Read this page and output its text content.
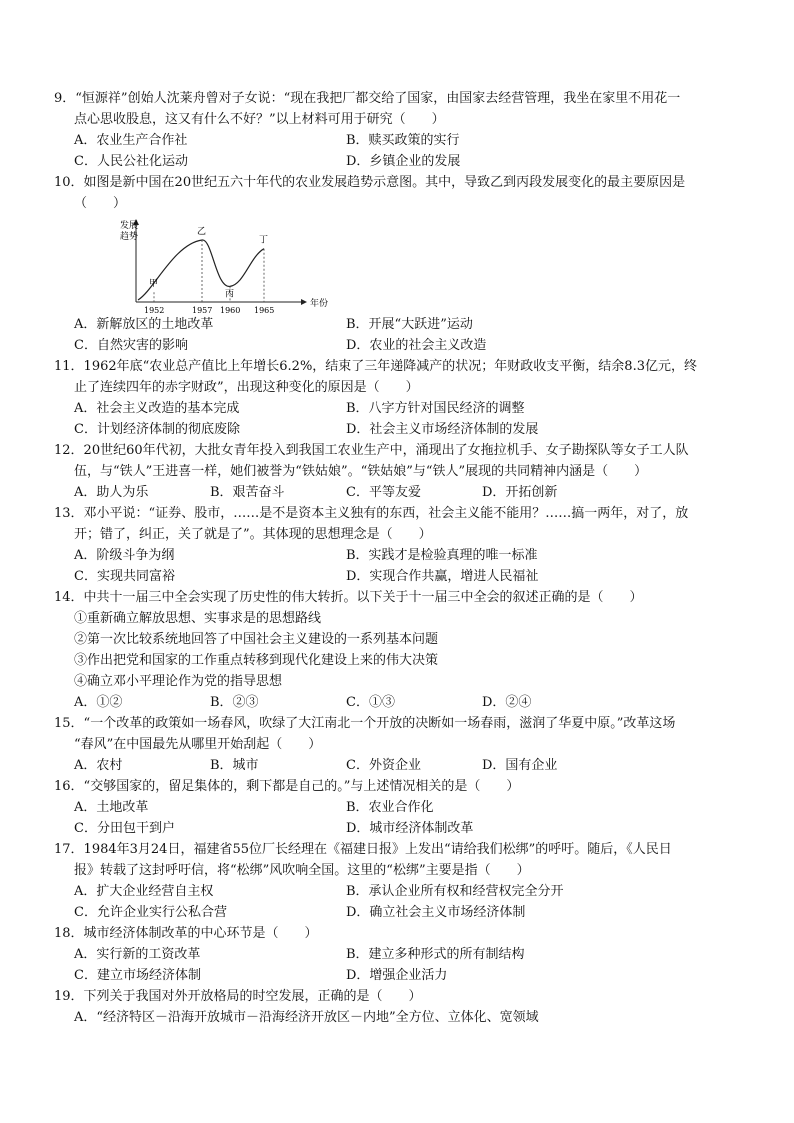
9．“恒源祥”创始人沈莱舟曾对子女说：“现在我把厂都交给了国家，由国家去经营管理，我坐在家里不用花一
点心思收股息，这又有什么不好？”以上材料可用于研究（　　）
A．农业生产合作社	B．赎买政策的实行
C．人民公社化运动	D．乡镇企业的发展
10．如图是新中国在20世纪五六十年代的农业发展趋势示意图。其中，导致乙到丙段发展变化的最主要原因是
（　　）
发展
趋势
年份
1952
甲
1957
乙
1960
丙
1965
丁
A．新解放区的土地改革	B．开展“大跃进”运动
C．自然灾害的影响	D．农业的社会主义改造
11．1962年底“农业总产值比上年增长6.2%，结束了三年递降减产的状况；年财政收支平衡，结余8.3亿元，终
止了连续四年的赤字财政”，出现这种变化的原因是（　　）
A．社会主义改造的基本完成	B．八字方针对国民经济的调整
C．计划经济体制的彻底废除	D．社会主义市场经济体制的发展
12．20世纪60年代初，大批女青年投入到我国工农业生产中，涌现出了女拖拉机手、女子勘探队等女子工人队
伍，与“铁人”王进喜一样，她们被誉为“铁姑娘”。“铁姑娘”与“铁人”展现的共同精神内涵是（　　）
A．助人为乐	B．艰苦奋斗	C．平等友爱	D．开拓创新
13．邓小平说：“证券、股市，……是不是资本主义独有的东西，社会主义能不能用？……搞一两年，对了，放
开；错了，纠正，关了就是了”。其体现的思想理念是（　　）
A．阶级斗争为纲	B．实践才是检验真理的唯一标准
C．实现共同富裕	D．实现合作共赢，增进人民福祉
14．中共十一届三中全会实现了历史性的伟大转折。以下关于十一届三中全会的叙述正确的是（　　）
①重新确立解放思想、实事求是的思想路线
②第一次比较系统地回答了中国社会主义建设的一系列基本问题
③作出把党和国家的工作重点转移到现代化建设上来的伟大决策
④确立邓小平理论作为党的指导思想
A．①②	B．②③	C．①③	D．②④
15．“一个改革的政策如一场春风，吹绿了大江南北一个开放的决断如一场春雨，滋润了华夏中原。”改革这场
“春风”在中国最先从哪里开始刮起（　　）
A．农村	B．城市	C．外资企业	D．国有企业
16．“交够国家的，留足集体的，剩下都是自己的。”与上述情况相关的是（　　）
A．土地改革	B．农业合作化
C．分田包干到户	D．城市经济体制改革
17．1984年3月24日，福建省55位厂长经理在《福建日报》上发出“请给我们松绑”的呼吁。随后，《人民日
报》转载了这封呼吁信，将“松绑”风吹响全国。这里的“松绑”主要是指（　　）
A．扩大企业经营自主权	B．承认企业所有权和经营权完全分开
C．允许企业实行公私合营	D．确立社会主义市场经济体制
18．城市经济体制改革的中心环节是（　　）
A．实行新的工资改革	B．建立多种形式的所有制结构
C．建立市场经济体制	D．增强企业活力
19．下列关于我国对外开放格局的时空发展，正确的是（　　）
A．“经济特区－沿海开放城市－沿海经济开放区－内地”全方位、立体化、宽领域
